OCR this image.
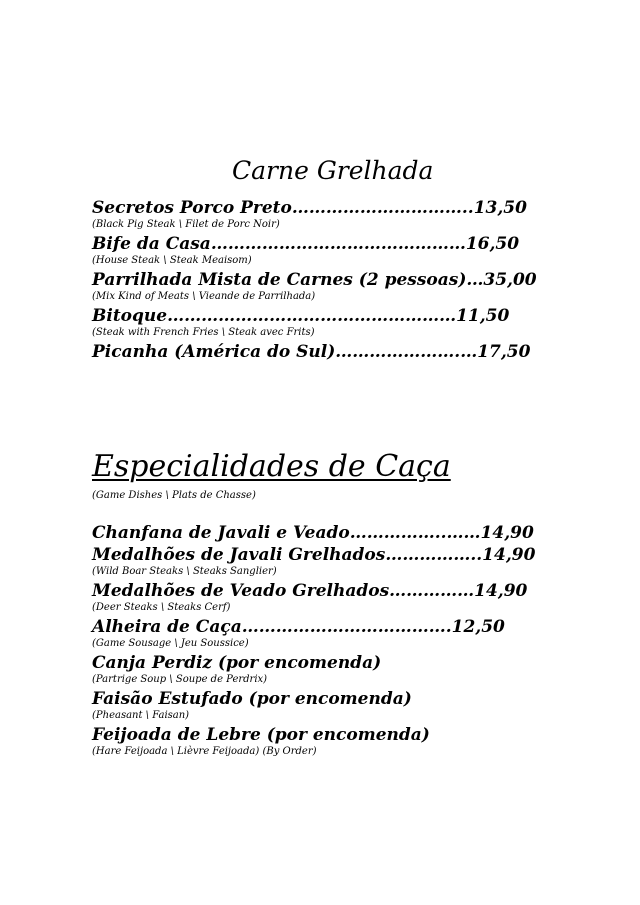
Carne Grelhada
Secretos Porco Preto…………………………..13,50
(Black Pig Steak \ Filet de Porc Noir)
Bife da Casa………………………………………16,50
(House Steak \ Steak Meaisom)
Parrilhada Mista de Carnes (2 pessoas)…35,00
(Mix Kind of Meats \ Vieande de Parrilhada)
Bitoque……………………………………………11,50
(Steak with French Fries \ Steak avec Frits)
Picanha (América do Sul)………………….…17,50
Especialidades de Caça
(Game Dishes \ Plats de Chasse)
Chanfana de Javali e Veado……………..……14,90
Medalhões de Javali Grelhados……………..14,90
(Wild Boar Steaks \ Steaks Sanglier)
Medalhões de Veado Grelhados……………14,90
(Deer Steaks \ Steaks Cerf)
Alheira de Caça……………………………….12,50
(Game Sousage \ Jeu Soussice)
Canja Perdiz (por encomenda)
(Partrige Soup \ Soupe de Perdrix)
Faisão Estufado (por encomenda)
(Pheasant \ Faisan)
Feijoada de Lebre (por encomenda)
(Hare Feijoada \ Lièvre Feijoada) (By Order)
